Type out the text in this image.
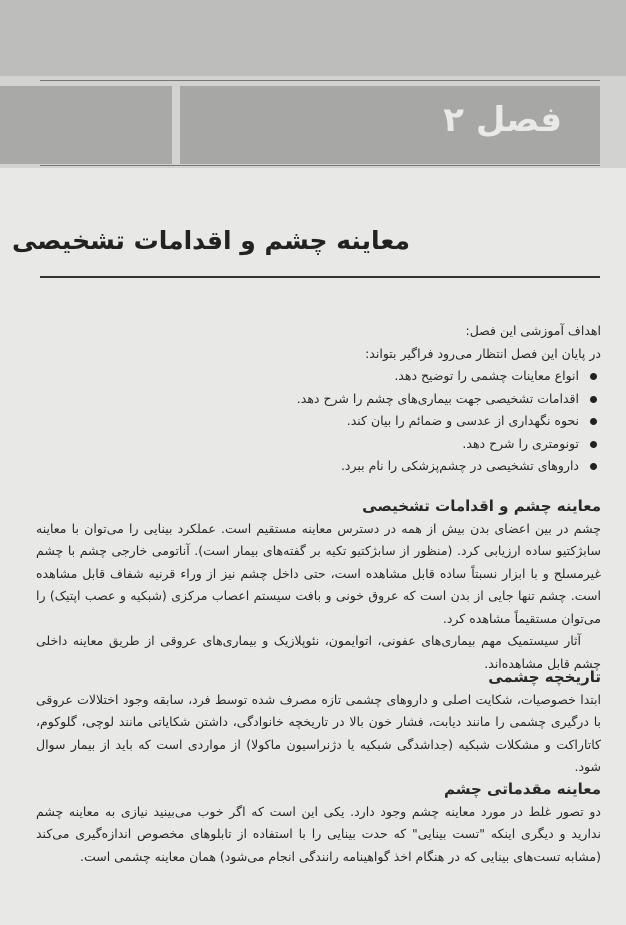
فصل ۲
معاینه چشم و اقدامات تشخیصی

اهداف آموزشی این فصل:

در پایان این فصل انتظار می‌رود فراگیر بتواند:

انواع معاینات چشمی را توضیح دهد.
اقدامات تشخیصی جهت بیماری‌های چشم را شرح دهد.
نحوه نگهداری از عدسی و ضمائم را بیان کند.
تونومتری را شرح دهد.
داروهای تشخیصی در چشم‌پزشکی را نام ببرد.

معاینه چشم و اقدامات تشخیصی

چشم در بین اعضای بدن بیش از همه در دسترس معاینه مستقیم است. عملکرد بینایی را می‌توان با معاینه سابژکتیو ساده ارزیابی کرد. (منظور از سابژکتیو تکیه بر گفته‌های بیمار است). آناتومی خارجی چشم با چشم غیرمسلح و با ابزار نسبتاً ساده قابل مشاهده است، حتی داخل چشم نیز از وراء قرنیه شفاف قابل مشاهده است. چشم تنها جایی از بدن است که عروق خونی و بافت سیستم اعصاب مرکزی (شبکیه و عصب اپتیک) را می‌توان مستقیماً مشاهده کرد.

آثار سیستمیک مهم بیماری‌های عفونی، اتوایمون، نئوپلازیک و بیماری‌های عروقی از طریق معاینه داخلی چشم قابل مشاهده‌اند.

تاریخچه چشمی

ابتدا خصوصیات، شکایت اصلی و داروهای چشمی تازه مصرف شده توسط فرد، سابقه وجود اختلالات عروقی با درگیری چشمی را مانند دیابت، فشار خون بالا در تاریخچه خانوادگی، داشتن شکایاتی مانند لوچی، گلوکوم، کاتاراکت و مشکلات شبکیه (جداشدگی شبکیه یا دژنراسیون ماکولا) از مواردی است که باید از بیمار سوال شود.

معاینه مقدماتی چشم

دو تصور غلط در مورد معاینه چشم وجود دارد. یکی این است که اگر خوب می‌بینید نیازی به معاینه چشم ندارید و دیگری اینکه "تست بینایی" که حدت بینایی را با استفاده از تابلوهای مخصوص اندازه‌گیری می‌کند (مشابه تست‌های بینایی که در هنگام اخذ گواهینامه رانندگی انجام می‌شود) همان معاینه چشمی است.
